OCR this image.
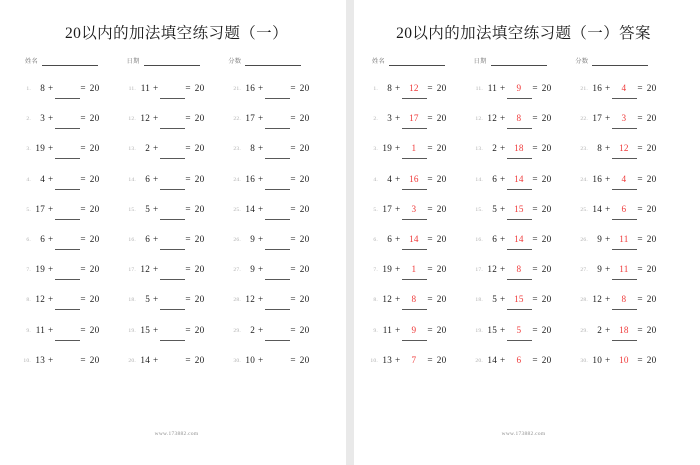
20以内的加法填空练习题（一）
姓名	日期	分数
1.	8 +	= 20
2.	3 +	= 20
3. 19 +	= 20
4.	4 +	= 20
5. 17 +	= 20
6.	6 +	= 20
7. 19 +	= 20
8. 12 +	= 20
9. 11 +	= 20
10. 13 +	= 20
11. 11 +	= 20
12. 12 +	= 20
13.	2 +	= 20
14.	6 +	= 20
15.	5 +	= 20
16.	6 +	= 20
17. 12 +	= 20
18.	5 +	= 20
19. 15 +	= 20
20. 14 +	= 20
21. 16 +	= 20
22. 17 +	= 20
23.	8 +	= 20
24. 16 +	= 20
25. 14 +	= 20
26.	9 +	= 20
27.	9 +	= 20
28. 12 +	= 20
29.	2 +	= 20
30. 10 +	= 20
www.173882.com
20以内的加法填空练习题（一）答案
姓名	日期	分数
1.	8 + 12 = 20
2.	3 + 17 = 20
3. 19 +	1	= 20
4.	4 + 16 = 20
5. 17 +	3	= 20
6.	6 + 14 = 20
7. 19 +	1	= 20
8. 12 +	8	= 20
9. 11 +	9	= 20
10. 13 +	7	= 20
11. 11 +	9	= 20
12. 12 +	8	= 20
13.	2 + 18 = 20
14.	6 + 14 = 20
15.	5 + 15 = 20
16.	6 + 14 = 20
17. 12 +	8	= 20
18.	5 + 15 = 20
19. 15 +	5	= 20
20. 14 +	6	= 20
21. 16 +	4	= 20
22. 17 +	3	= 20
23.	8 + 12 = 20
24. 16 +	4	= 20
25. 14 +	6	= 20
26.	9 + 11 = 20
27.	9 + 11 = 20
28. 12 +	8	= 20
29.	2 + 18 = 20
30. 10 + 10 = 20
www.173882.com
